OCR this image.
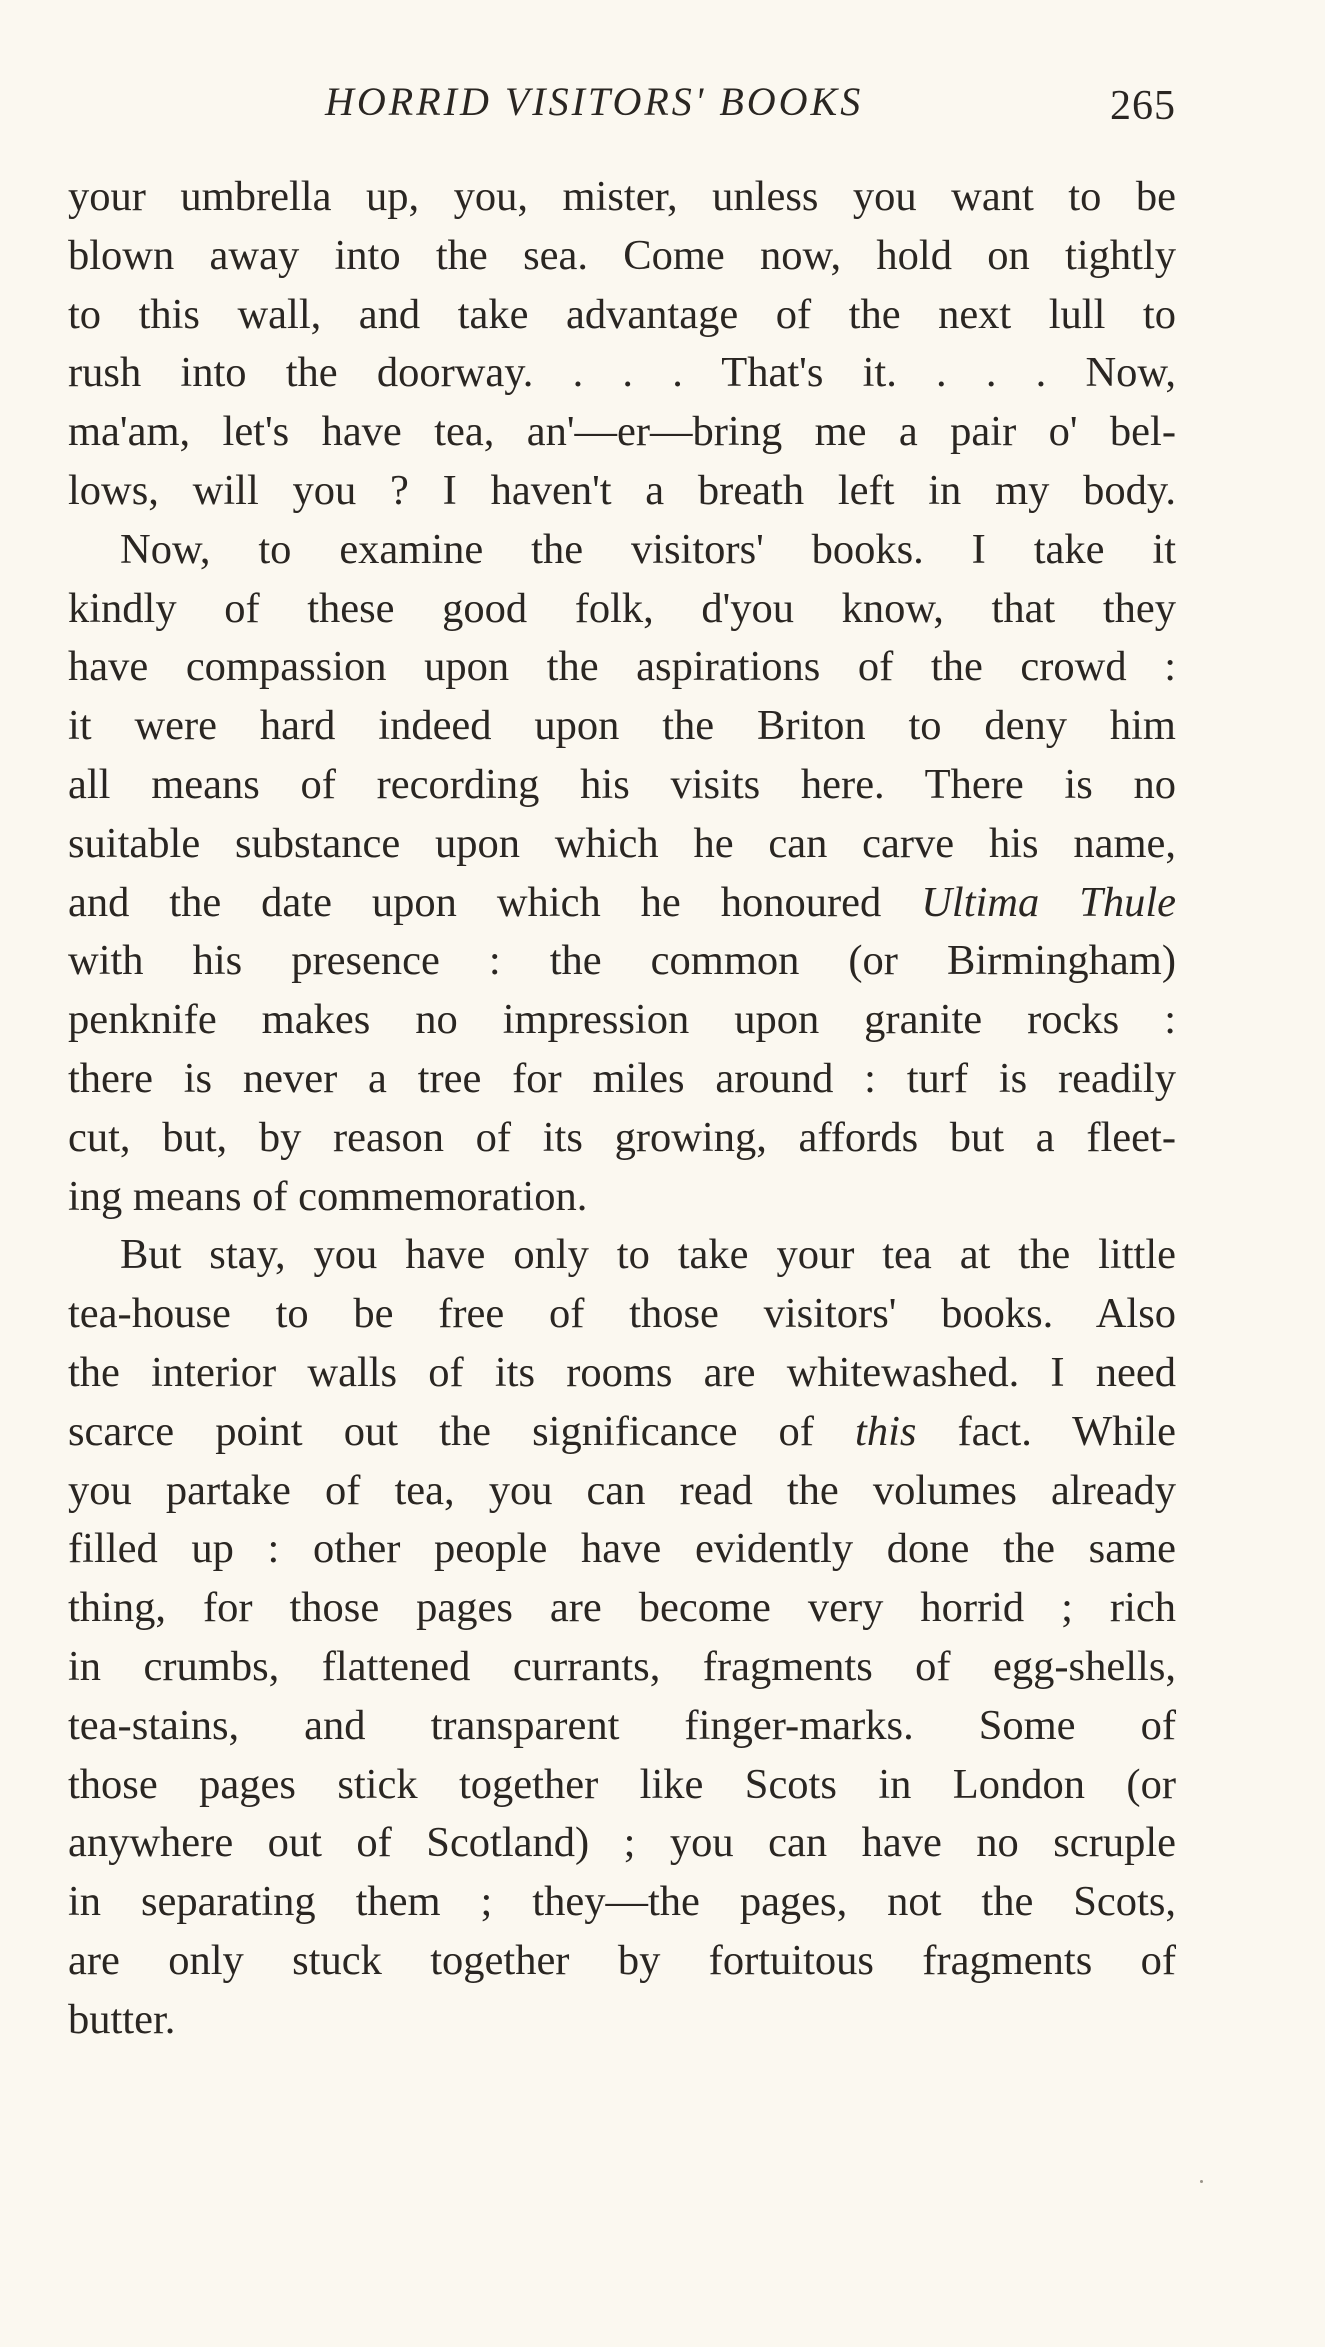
HORRID VISITORS' BOOKS	265
your umbrella up, you, mister, unless you want to be
blown away into the sea. Come now, hold on tightly
to this wall, and take advantage of the next lull to
rush into the doorway. . . . That's it. . . . Now,
ma'am, let's have tea, an'—er—bring me a pair o' bel-
lows, will you ? I haven't a breath left in my body.
Now, to examine the visitors' books. I take it
kindly of these good folk, d'you know, that they
have compassion upon the aspirations of the crowd :
it were hard indeed upon the Briton to deny him
all means of recording his visits here. There is no
suitable substance upon which he can carve his name,
and the date upon which he honoured Ultima Thule
with his presence : the common (or Birmingham)
penknife makes no impression upon granite rocks :
there is never a tree for miles around : turf is readily
cut, but, by reason of its growing, affords but a fleet-
ing means of commemoration.
But stay, you have only to take your tea at the little
tea-house to be free of those visitors' books. Also
the interior walls of its rooms are whitewashed. I need
scarce point out the significance of this fact. While
you partake of tea, you can read the volumes already
filled up : other people have evidently done the same
thing, for those pages are become very horrid ; rich
in crumbs, flattened currants, fragments of egg-shells,
tea-stains, and transparent finger-marks. Some of
those pages stick together like Scots in London (or
anywhere out of Scotland) ; you can have no scruple
in separating them ; they—the pages, not the Scots,
are only stuck together by fortuitous fragments of
butter.
